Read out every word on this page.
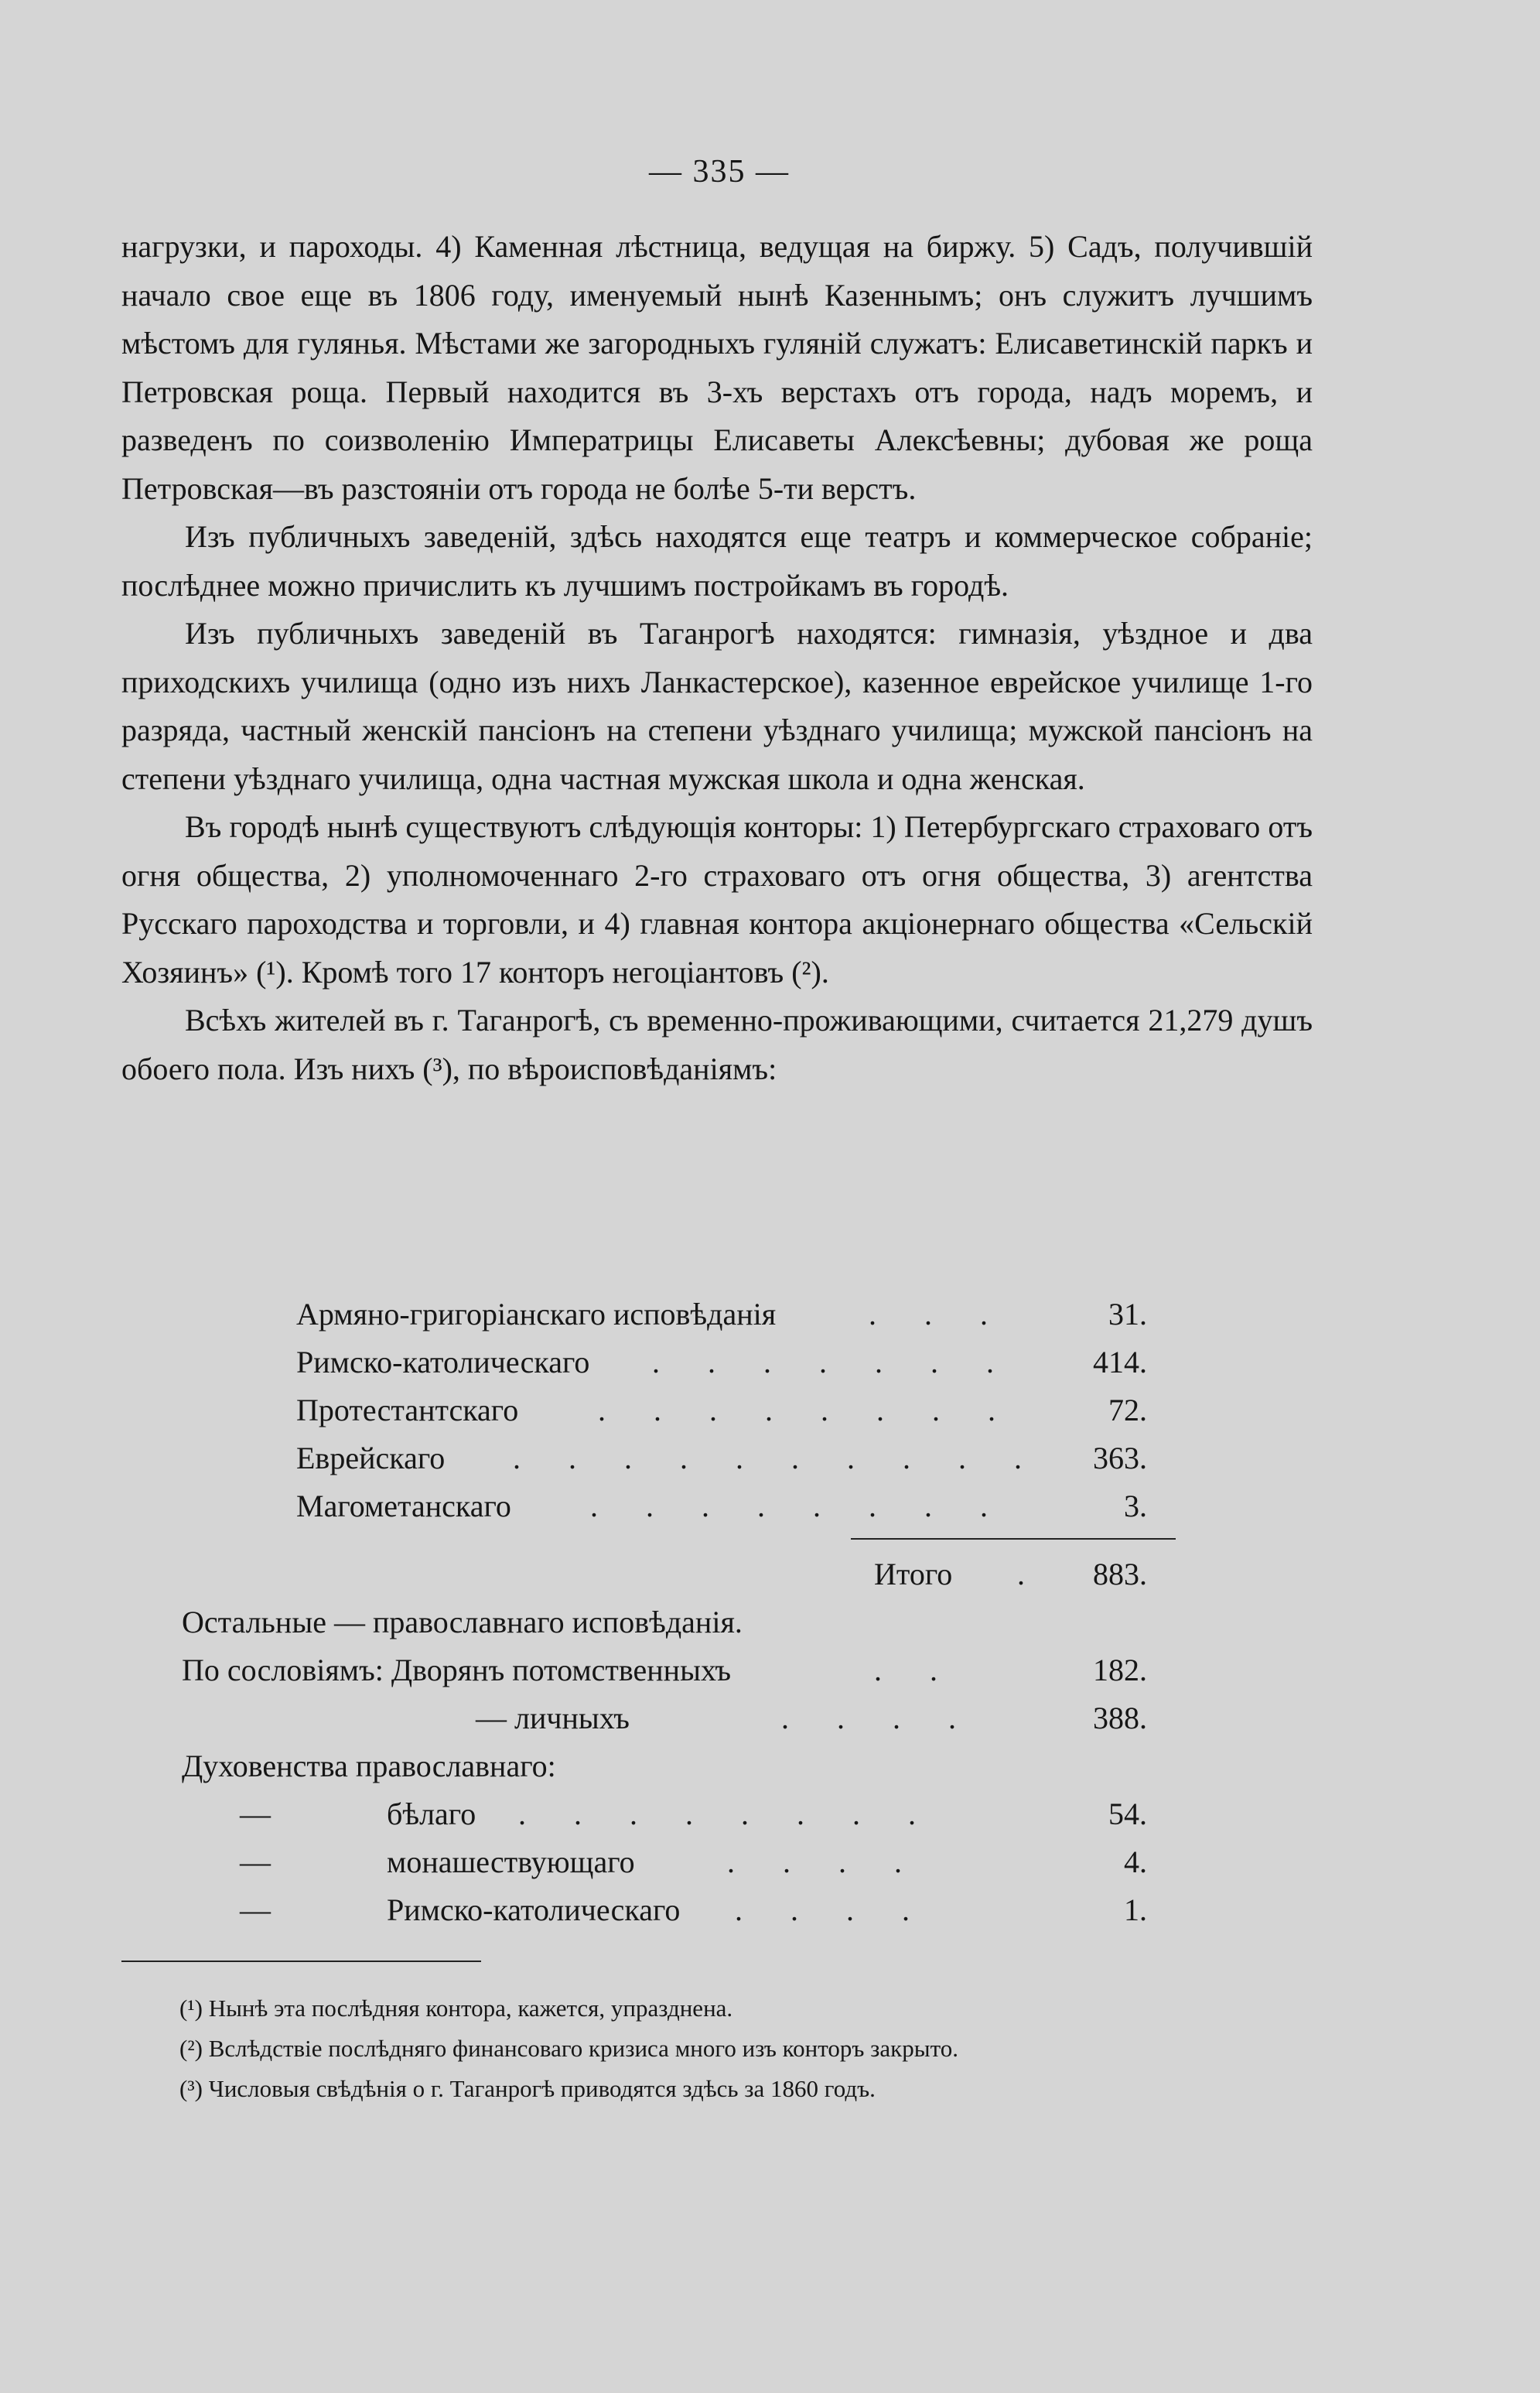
— 335 —

нагрузки, и пароходы. 4) Каменная лѣстница, ведущая на биржу. 5) Садъ, получившій начало свое еще въ 1806 году, именуемый нынѣ Казеннымъ; онъ служитъ лучшимъ мѣстомъ для гулянья. Мѣстами же загородныхъ гуляній служатъ: Елисаветинскій паркъ и Петровская роща. Первый находится въ 3-хъ верстахъ отъ города, надъ моремъ, и разведенъ по соизволенію Императрицы Елисаветы Алексѣевны; дубовая же роща Петровская—въ разстояніи отъ города не болѣе 5-ти верстъ.

Изъ публичныхъ заведеній, здѣсь находятся еще театръ и коммерческое собраніе; послѣднее можно причислить къ лучшимъ постройкамъ въ городѣ.

Изъ публичныхъ заведеній въ Таганрогѣ находятся: гимназія, уѣздное и два приходскихъ училища (одно изъ нихъ Ланкастерское), казенное еврейское училище 1-го разряда, частный женскій пансіонъ на степени уѣзднаго училища; мужской пансіонъ на степени уѣзднаго училища, одна частная мужская школа и одна женская.

Въ городѣ нынѣ существуютъ слѣдующія конторы: 1) Петербургскаго страховаго отъ огня общества, 2) уполномоченнаго 2-го страховаго отъ огня общества, 3) агентства Русскаго пароходства и торговли, и 4) главная контора акціонернаго общества «Сельскій Хозяинъ» (¹). Кромѣ того 17 конторъ негоціантовъ (²).

Всѣхъ жителей въ г. Таганрогѣ, съ временно-проживающими, считается 21,279 душъ обоего пола. Изъ нихъ (³), по вѣроисповѣданіямъ:

Армяно-григоріанскаго исповѣданія	. . .	31.
Римско-католическаго . . . . . . .	414.
Протестантскаго	. . . . . . . .	72.
Еврейскаго . . . . . . . . . . 363.
Магометанскаго	. . . . . . . .	3.
Итого . 883.
Остальные — православнаго исповѣданія.
По сословіямъ: Дворянъ потомственныхъ	. .	182.
— личныхъ	. . . .	388.
Духовенства православнаго:
—	бѣлаго . . . . . . . .	54.
—	монашествующаго	. . . .	4.
—	Римско-католическаго . . . .	1.
(¹) Нынѣ эта послѣдняя контора, кажется, упразднена.
(²) Вслѣдствіе послѣдняго финансоваго кризиса много изъ конторъ закрыто.
(³) Числовыя свѣдѣнія о г. Таганрогѣ приводятся здѣсь за 1860 годъ.
